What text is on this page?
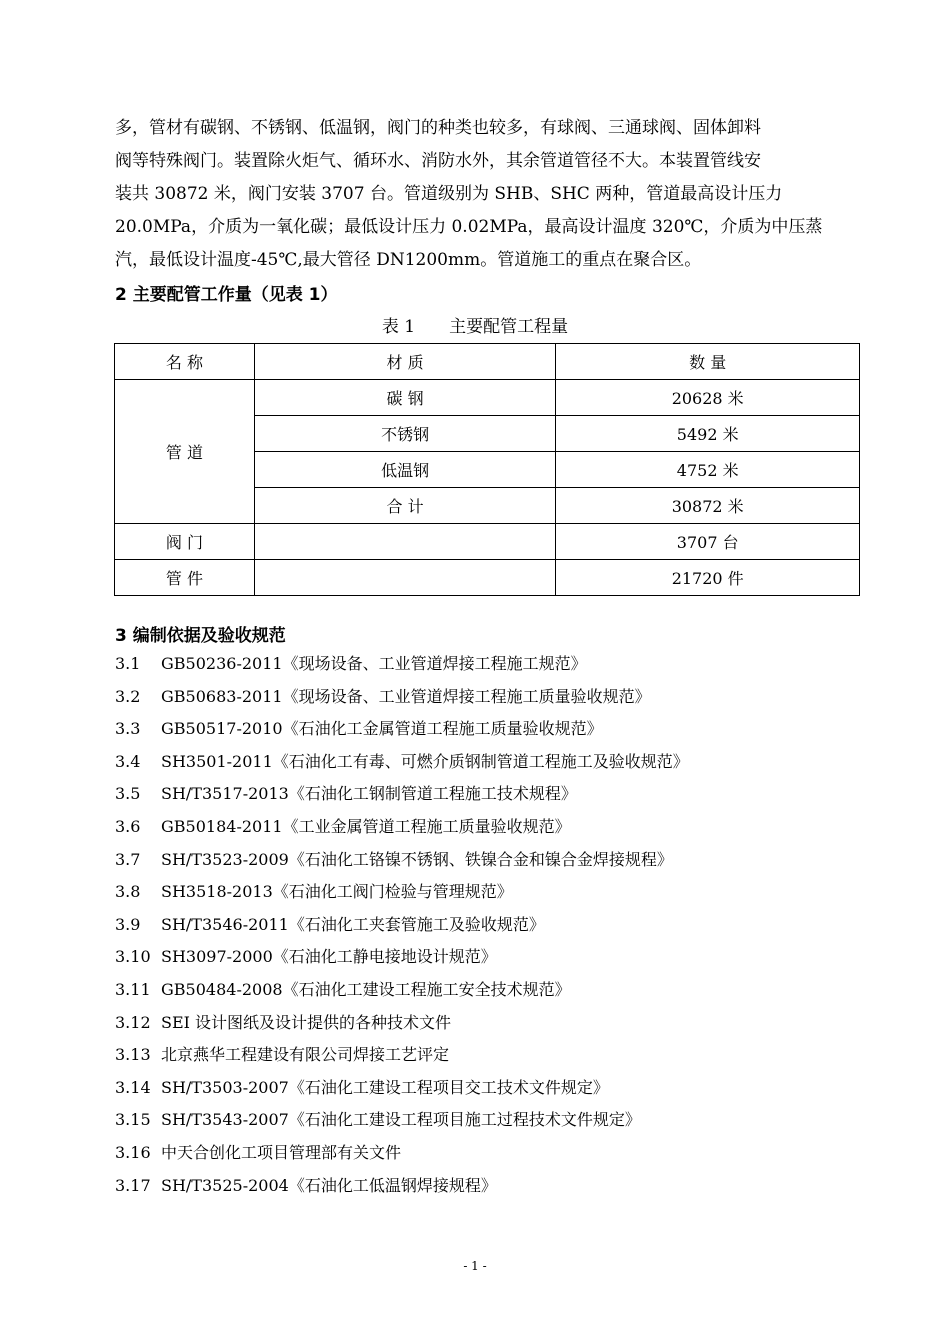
多，管材有碳钢、不锈钢、低温钢，阀门的种类也较多，有球阀、三通球阀、固体卸料
阀等特殊阀门。装置除火炬气、循环水、消防水外，其余管道管径不大。本装置管线安
装共 30872 米，阀门安装 3707 台。管道级别为 SHB、SHC 两种，管道最高设计压力
20.0MPa，介质为一氧化碳；最低设计压力 0.02MPa，最高设计温度 320℃，介质为中压蒸
汽，最低设计温度-45℃,最大管径 DN1200mm。管道施工的重点在聚合区。
2 主要配管工作量（见表 1）
表 1 主要配管工程量
名 称	材 质	数 量
管 道	碳 钢	20628 米
	不锈钢	5492 米
	低温钢	4752 米
	合 计	30872 米
阀 门		3707 台
管 件		21720 件
3 编制依据及验收规范
3.1 GB50236-2011《现场设备、工业管道焊接工程施工规范》
3.2 GB50683-2011《现场设备、工业管道焊接工程施工质量验收规范》
3.3 GB50517-2010《石油化工金属管道工程施工质量验收规范》
3.4 SH3501-2011《石油化工有毒、可燃介质钢制管道工程施工及验收规范》
3.5 SH/T3517-2013《石油化工钢制管道工程施工技术规程》
3.6 GB50184-2011《工业金属管道工程施工质量验收规范》
3.7 SH/T3523-2009《石油化工铬镍不锈钢、铁镍合金和镍合金焊接规程》
3.8 SH3518-2013《石油化工阀门检验与管理规范》
3.9 SH/T3546-2011《石油化工夹套管施工及验收规范》
3.10 SH3097-2000《石油化工静电接地设计规范》
3.11 GB50484-2008《石油化工建设工程施工安全技术规范》
3.12 SEI 设计图纸及设计提供的各种技术文件
3.13 北京燕华工程建设有限公司焊接工艺评定
3.14 SH/T3503-2007《石油化工建设工程项目交工技术文件规定》
3.15 SH/T3543-2007《石油化工建设工程项目施工过程技术文件规定》
3.16 中天合创化工项目管理部有关文件
3.17 SH/T3525-2004《石油化工低温钢焊接规程》
- 1 -
